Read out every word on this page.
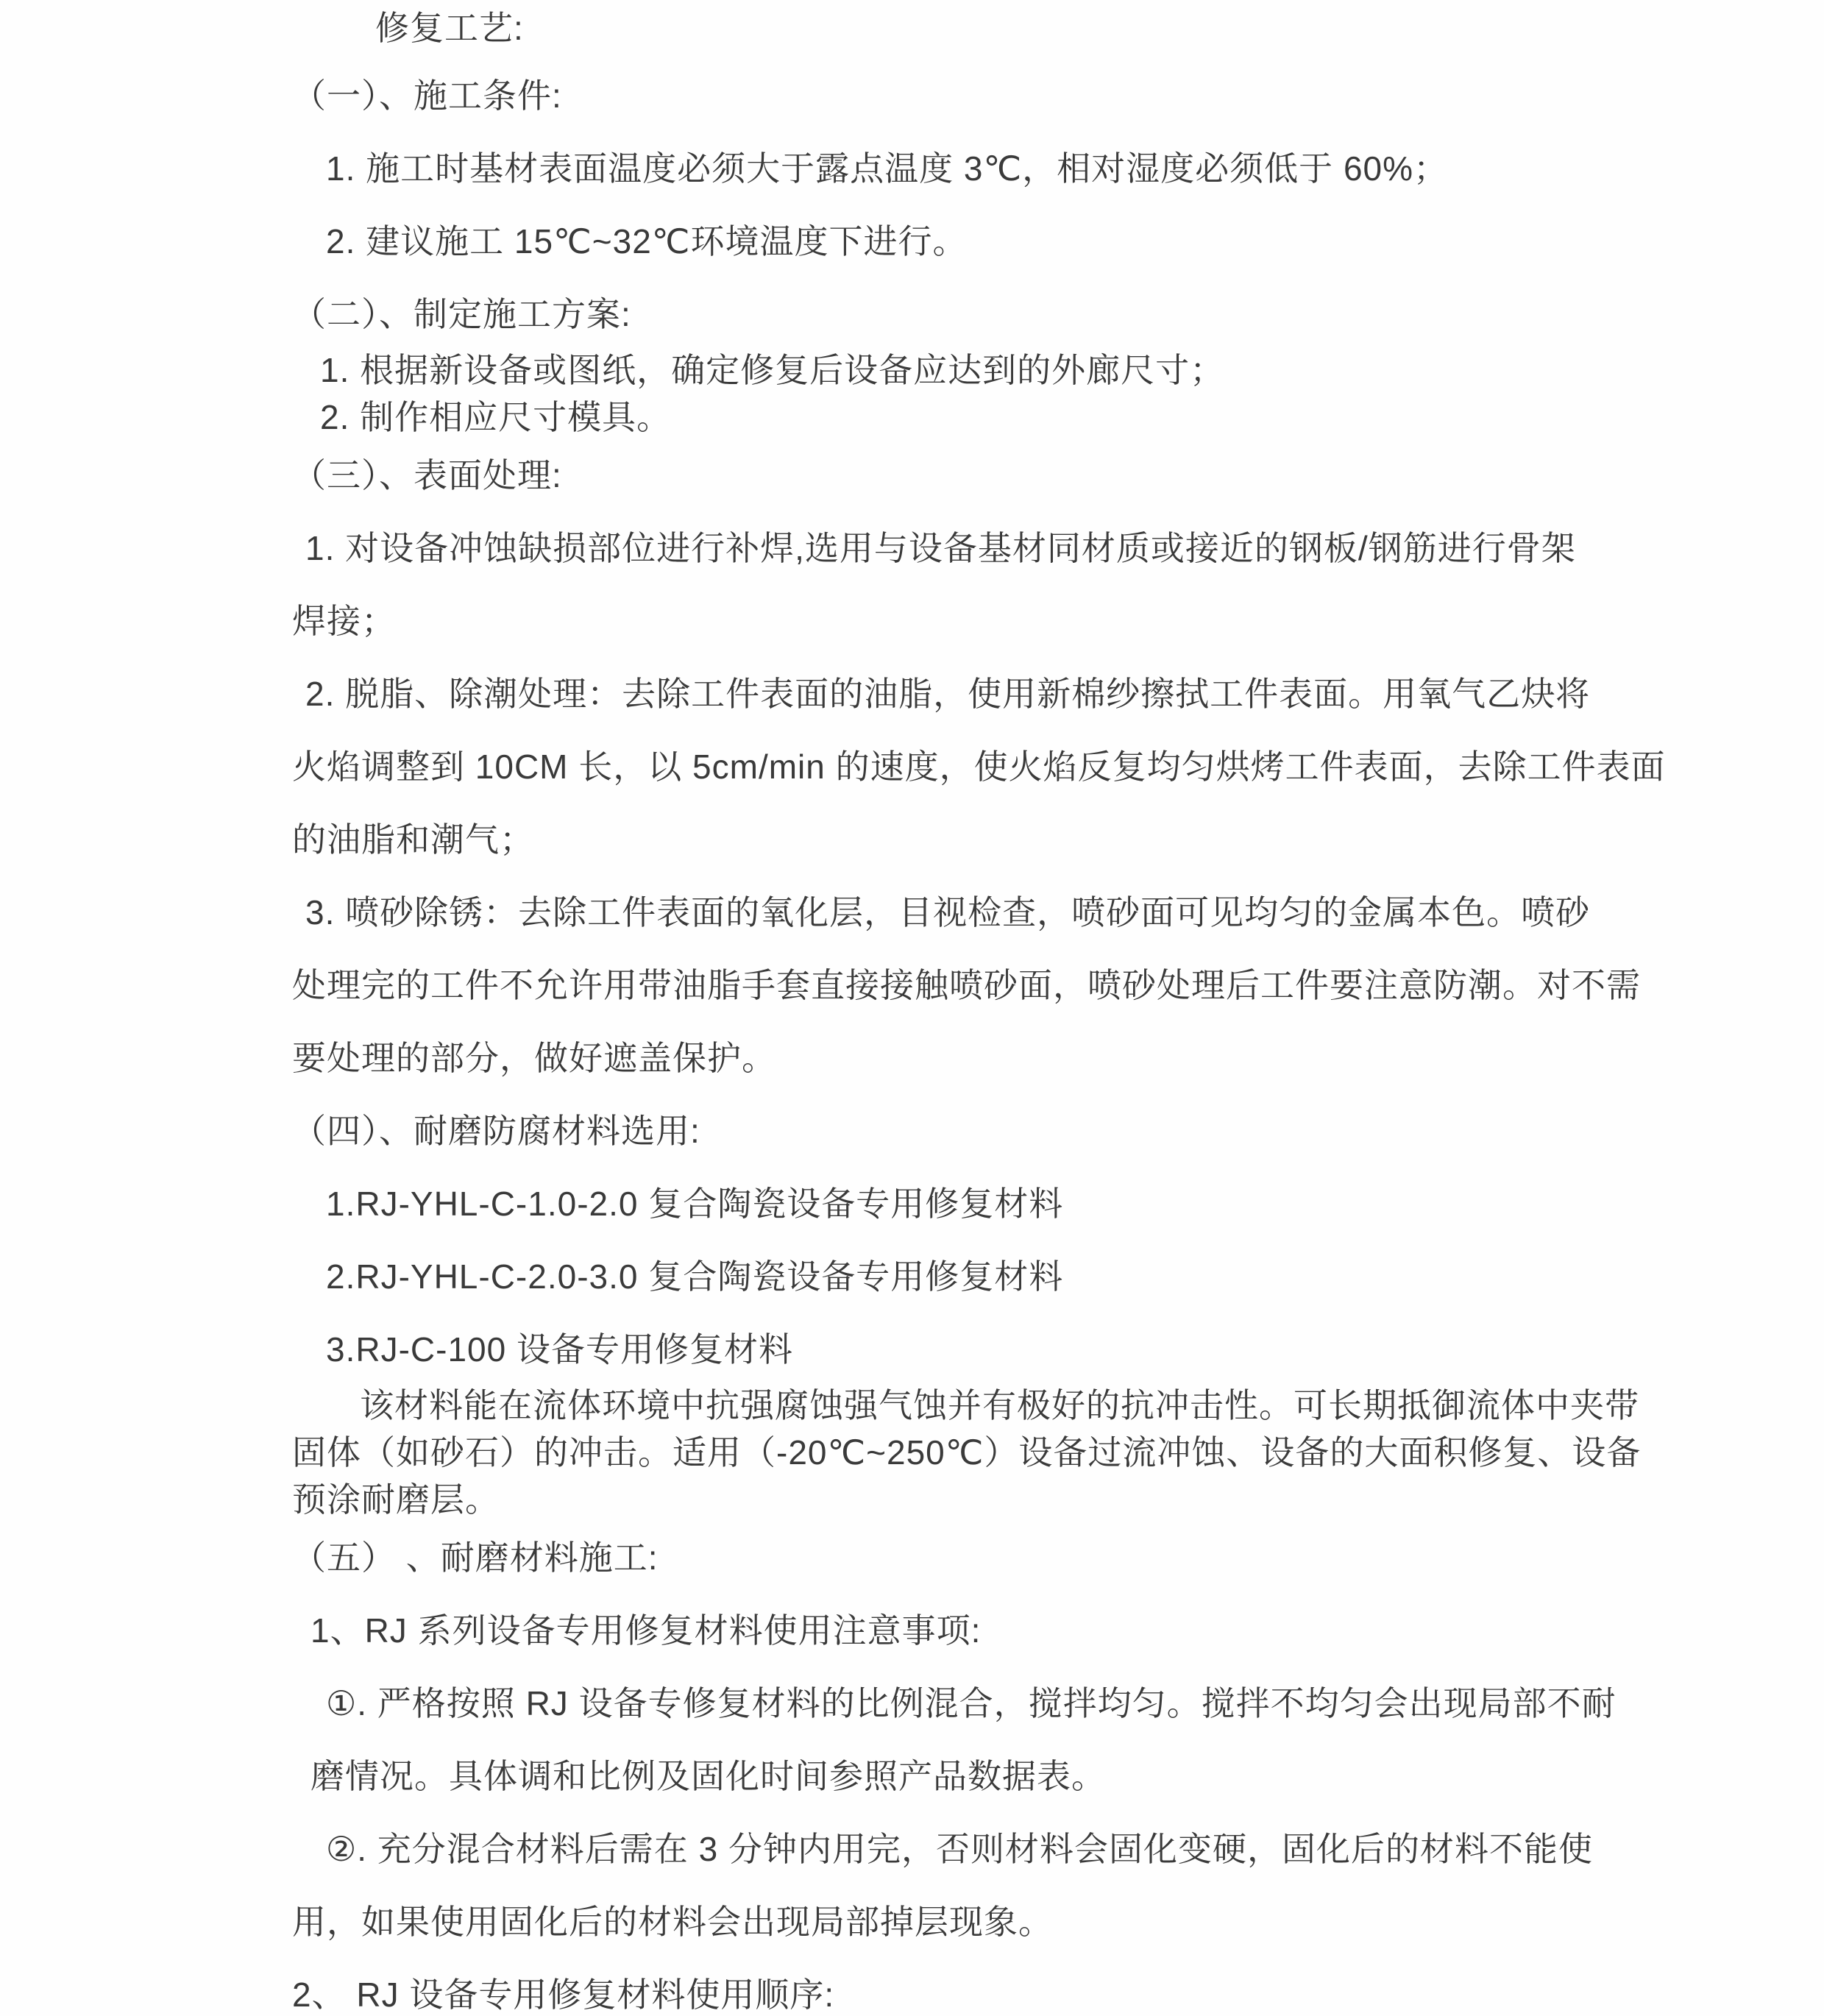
修复工艺:

（一）、施工条件:

1. 施工时基材表面温度必须大于露点温度 3℃，相对湿度必须低于 60%；

2. 建议施工 15℃~32℃环境温度下进行。

（二）、制定施工方案:

1. 根据新设备或图纸，确定修复后设备应达到的外廊尺寸；

2. 制作相应尺寸模具。

（三）、表面处理:

1. 对设备冲蚀缺损部位进行补焊,选用与设备基材同材质或接近的钢板/钢筋进行骨架

焊接；

2. 脱脂、除潮处理：去除工件表面的油脂，使用新棉纱擦拭工件表面。用氧气乙炔将

火焰调整到 10CM 长，以 5cm/min 的速度，使火焰反复均匀烘烤工件表面，去除工件表面

的油脂和潮气；

3. 喷砂除锈：去除工件表面的氧化层，目视检查，喷砂面可见均匀的金属本色。喷砂

处理完的工件不允许用带油脂手套直接接触喷砂面，喷砂处理后工件要注意防潮。对不需

要处理的部分，做好遮盖保护。

（四）、耐磨防腐材料选用:

1.RJ-YHL-C-1.0-2.0 复合陶瓷设备专用修复材料

2.RJ-YHL-C-2.0-3.0 复合陶瓷设备专用修复材料

3.RJ-C-100 设备专用修复材料

该材料能在流体环境中抗强腐蚀强气蚀并有极好的抗冲击性。可长期抵御流体中夹带

固体（如砂石）的冲击。适用（-20℃~250℃）设备过流冲蚀、设备的大面积修复、设备

预涂耐磨层。

（五） 、耐磨材料施工:

1、RJ 系列设备专用修复材料使用注意事项:

①. 严格按照 RJ 设备专修复材料的比例混合，搅拌均匀。搅拌不均匀会出现局部不耐

磨情况。具体调和比例及固化时间参照产品数据表。

②. 充分混合材料后需在 3 分钟内用完，否则材料会固化变硬，固化后的材料不能使

用，如果使用固化后的材料会出现局部掉层现象。

2、 RJ 设备专用修复材料使用顺序:
